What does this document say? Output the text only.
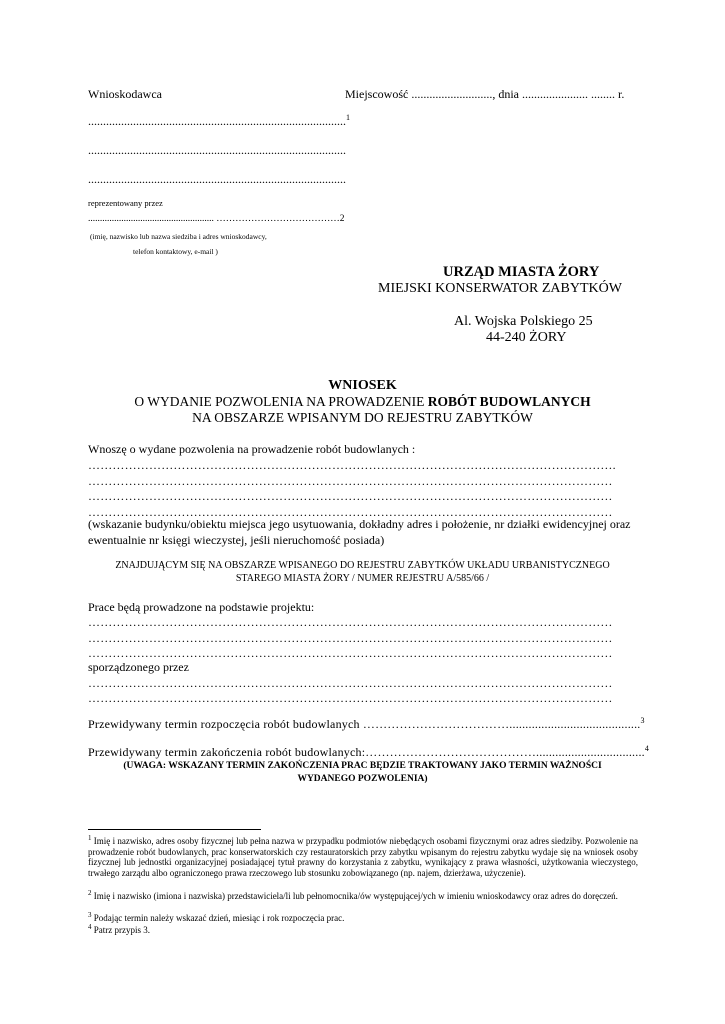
Wnioskodawca	Miejscowość ..........................., dnia ...................... ........ r.
......................................................................................$^1$
......................................................................................
......................................................................................
reprezentowany przez
..................................................... …………………………………2
(imię, nazwisko lub nazwa siedziba i adres wnioskodawcy,
telefon kontaktowy, e-mail )
URZĄD MIASTA ŻORY
MIEJSKI KONSERWATOR ZABYTKÓW
Al. Wojska Polskiego 25
44-240 ŻORY
WNIOSEK
O WYDANIE POZWOLENIA NA PROWADZENIE ROBÓT BUDOWLANYCH
NA OBSZARZE WPISANYM DO REJESTRU ZABYTKÓW
Wnoszę o wydane pozwolenia na prowadzenie robót budowlanych :
………………………………………………………………………………………………………………….
…………………………………………………………………………………………………………………
…………………………………………………………………………………………………………………
…………………………………………………………………………………………………………………
(wskazanie budynku/obiektu miejsca jego usytuowania, dokładny adres i położenie, nr działki ewidencyjnej oraz
ewentualnie nr księgi wieczystej, jeśli nieruchomość posiada)
ZNAJDUJĄCYM SIĘ NA OBSZARZE WPISANEGO DO REJESTRU ZABYTKÓW UKŁADU URBANISTYCZNEGO
STAREGO MIASTA ŻORY / NUMER REJESTRU A/585/66 /
Prace będą prowadzone na podstawie projektu:
…………………………………………………………………………………………………………………
…………………………………………………………………………………………………………………
…………………………………………………………………………………………………………………
sporządzonego przez
…………………………………………………………………………………………………………………
…………………………………………………………………………………………………………………
Przewidywany termin rozpoczęcia robót budowlanych ……………………………….........................................$^3$
Przewidywany termin zakończenia robót budowlanych:……………………………………..................................$^4$
(UWAGA: WSKAZANY TERMIN ZAKOŃCZENIA PRAC BĘDZIE TRAKTOWANY JAKO TERMIN WAŻNOŚCI
WYDANEGO POZWOLENIA)
$^1$ Imię i nazwisko, adres osoby fizycznej lub pełna nazwa w przypadku podmiotów niebędących osobami fizycznymi oraz adres siedziby. Pozwolenie na prowadzenie robót budowlanych, prac konserwatorskich czy restauratorskich przy zabytku wpisanym do rejestru zabytku wydaje się na wniosek osoby fizycznej lub jednostki organizacyjnej posiadającej tytuł prawny do korzystania z zabytku, wynikający z prawa własności, użytkowania wieczystego, trwałego zarządu albo ograniczonego prawa rzeczowego lub stosunku zobowiązanego (np. najem, dzierżawa, użyczenie).
$^2$ Imię i nazwisko (imiona i nazwiska) przedstawiciela/li lub pełnomocnika/ów występującej/ych w imieniu wnioskodawcy oraz adres do doręczeń.
$^3$ Podając termin należy wskazać dzień, miesiąc i rok rozpoczęcia prac.
$^4$ Patrz przypis 3.
